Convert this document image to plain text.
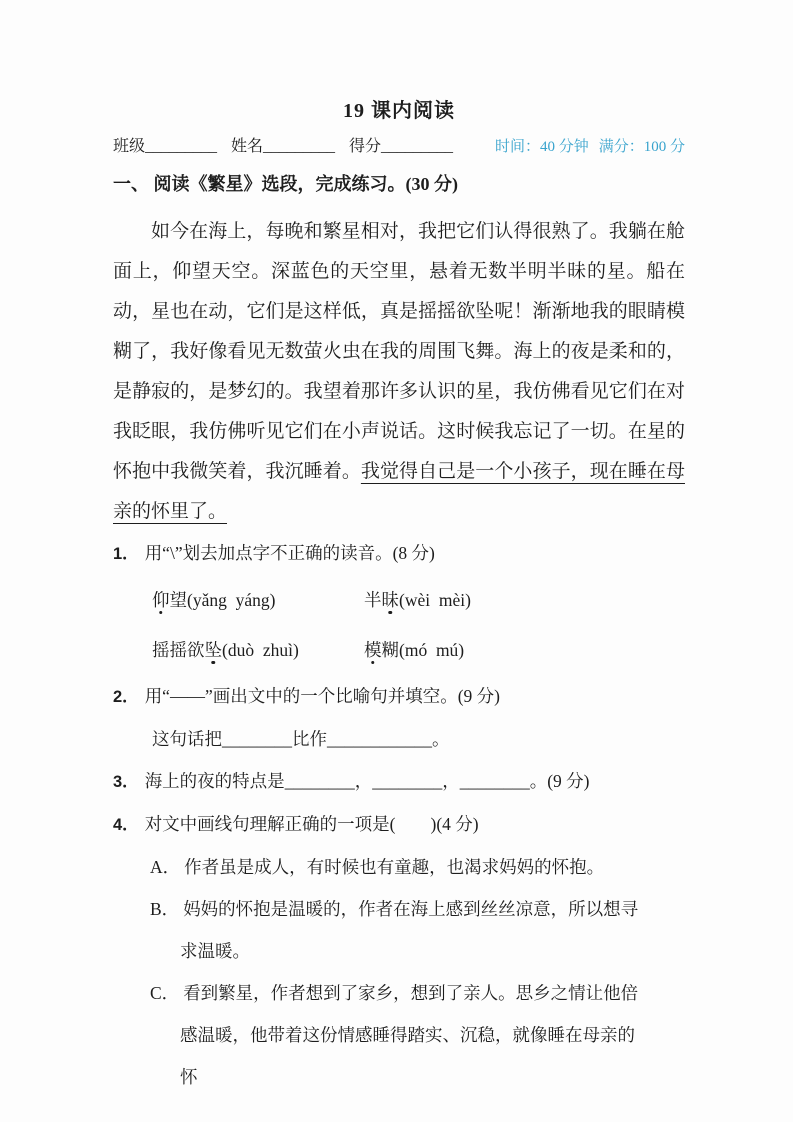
19 课内阅读
班级_________ 姓名_________ 得分_________	时间：40 分钟 满分：100 分
一、 阅读《繁星》选段，完成练习。(30 分)

如今在海上，每晚和繁星相对，我把它们认得很熟了。我躺在舱面上，仰望天空。深蓝色的天空里，悬着无数半明半昧的星。船在动，星也在动，它们是这样低，真是摇摇欲坠呢！渐渐地我的眼睛模糊了，我好像看见无数萤火虫在我的周围飞舞。海上的夜是柔和的，是静寂的，是梦幻的。我望着那许多认识的星，我仿佛看见它们在对我眨眼，我仿佛听见它们在小声说话。这时候我忘记了一切。在星的怀抱中我微笑着，我沉睡着。我觉得自己是一个小孩子，现在睡在母亲的怀里了。

1． 用“\”划去加点字不正确的读音。(8 分)
仰望(yǎng  yáng)	半昧(wèi  mèi)
摇摇欲坠(duò  zhuì)	模糊(mó  mú)
2． 用“——”画出文中的一个比喻句并填空。(9 分)
这句话把________比作____________。
3． 海上的夜的特点是________，________，________。(9 分)
4． 对文中画线句理解正确的一项是(　　)(4 分)
A． 作者虽是成人，有时候也有童趣，也渴求妈妈的怀抱。
B． 妈妈的怀抱是温暖的，作者在海上感到丝丝凉意，所以想寻求温暖。
C． 看到繁星，作者想到了家乡，想到了亲人。思乡之情让他倍感温暖，他带着这份情感睡得踏实、沉稳，就像睡在母亲的怀
